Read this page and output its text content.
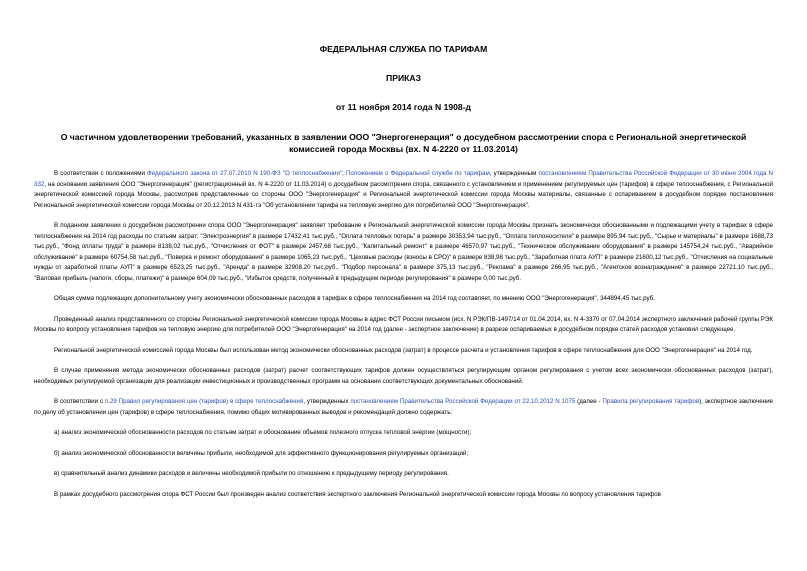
ФЕДЕРАЛЬНАЯ СЛУЖБА ПО ТАРИФАМ
ПРИКАЗ
от 11 ноября 2014 года N 1908-д
О частичном удовлетворении требований, указанных в заявлении ООО "Энергогенерация" о досудебном рассмотрении спора с Региональной энергетической комиссией города Москвы (вх. N 4-2220 от 11.03.2014)

В соответствии с положениями Федерального закона от 27.07.2010 N 190-ФЗ "О теплоснабжении"; Положением о Федеральной службе по тарифам, утвержденным постановлением Правительства Российской Федерации от 30 июня 2004 года N 332, на основании заявления ООО "Энергогенерация" (регистрационный вх. N 4-2220 от 11.03.2014) о досудебном рассмотрении спора, связанного с установлением и применением регулируемых цен (тарифов) в сфере теплоснабжения, с Региональной энергетической комиссией города Москвы, рассмотрев представленные со стороны ООО "Энергогенерация" и Региональной энергетической комиссии города Москвы материалы, связанные с оспариванием в досудебном порядке постановления Региональной энергетической комиссии города Москвы от 20.12.2013 N 431-тэ "Об установлении тарифа на тепловую энергию для потребителей ООО "Энергогенерация".

В поданном заявлении о досудебном рассмотрении спора ООО "Энергогенерация" заявляет требование к Региональной энергетической комиссии города Москвы признать экономически обоснованными и подлежащими учету в тарифах в сфере теплоснабжения на 2014 год расходы по статьям затрат: "Электроэнергия" в размере 17432,41 тыс.руб., "Оплата тепловых потерь" в размере 30353,94 тыс.руб., "Оплата теплоносителя" в размере 895,94 тыс.руб., "Сырье и материалы" в размере 1688,73 тыс.руб., "Фонд оплаты труда" в размере 8138,02 тыс.руб., "Отчисления от ФОТ" в размере 2457,68 тыс.руб., "Капитальный ремонт" в размере 46570,97 тыс.руб., "Техническое обслуживание оборудования" в размере 145754,24 тыс.руб., "Аварийное обслуживание" в размере 60754,58 тыс.руб., "Поверка и ремонт оборудования" в размере 1065,23 тыс.руб., "Цеховые расходы (взносы в СРО)" в размере 838,98 тыс.руб., "Заработная плата АУП" в размере 21600,12 тыс.руб., "Отчисления на социальные нужды от заработной платы АУП" в размере 6523,25 тыс.руб., "Аренда" в размере 32908,20 тыс.руб., "Подбор персонала" в размере 375,13 тыс.руб., "Реклама" в размере 266,95 тыс.руб., "Агентское вознаграждение" в размере 22721,10 тыс.руб., "Валовая прибыль (налоги, сборы, платежи)" в размере 604,09 тыс.руб., "Избыток средств, полученный в предыдущем периоде регулирования" в размере 0,00 тыс.руб.

Общая сумма подлежащих дополнительному учету экономически обоснованных расходов в тарифах в сфере теплоснабжения на 2014 год составляет, по мнению ООО "Энергогенерация", 344894,45 тыс.руб.

Проведенный анализ представленного со стороны Региональной энергетической комиссии города Москвы в адрес ФСТ России письмом (исх. N РЭК/ПВ-1497/14 от 01.04.2014, вх. N 4-3370 от 07.04.2014 экспертного заключения рабочей группы РЭК Москвы по вопросу установления тарифов на тепловую энергию для потребителей ООО "Энергогенерация" на 2014 год (далее - экспертное заключение) в разрезе оспариваемых в досудебном порядке статей расходов установил следующее.

Региональной энергетической комиссией города Москвы был использован метод экономически обоснованных расходов (затрат) в процессе расчета и установления тарифов в сфере теплоснабжения для ООО "Энергогенерация" на 2014 год.

В случае применения метода экономически обоснованных расходов (затрат) расчет соответствующих тарифов должен осуществляться регулирующим органом регулирования с учетом всех экономически обоснованных расходов (затрат), необходимых регулируемой организации для реализации инвестиционных и производственных программ на основании соответствующих документальных обоснований.

В соответствии с п.29 Правил регулирования цен (тарифов) в сфере теплоснабжения, утвержденных постановлением Правительства Российской Федерации от 22.10.2012 N 1075 (далее - Правила регулирования тарифов), экспертное заключение по делу об установлении цен (тарифов) в сфере теплоснабжения, помимо общих мотивированных выводов и рекомендаций должно содержать:

а) анализ экономической обоснованности расходов по статьям затрат и обоснование объемов полезного отпуска тепловой энергии (мощности);

б) анализ экономической обоснованности величины прибыли, необходимой для эффективного функционирования регулируемых организаций;

в) сравнительный анализ динамики расходов и величины необходимой прибыли по отношению к предыдущему периоду регулирования.

В рамках досудебного рассмотрения спора ФСТ России был произведен анализ соответствия экспертного заключения Региональной энергетической комиссии города Москвы по вопросу установления тарифов
